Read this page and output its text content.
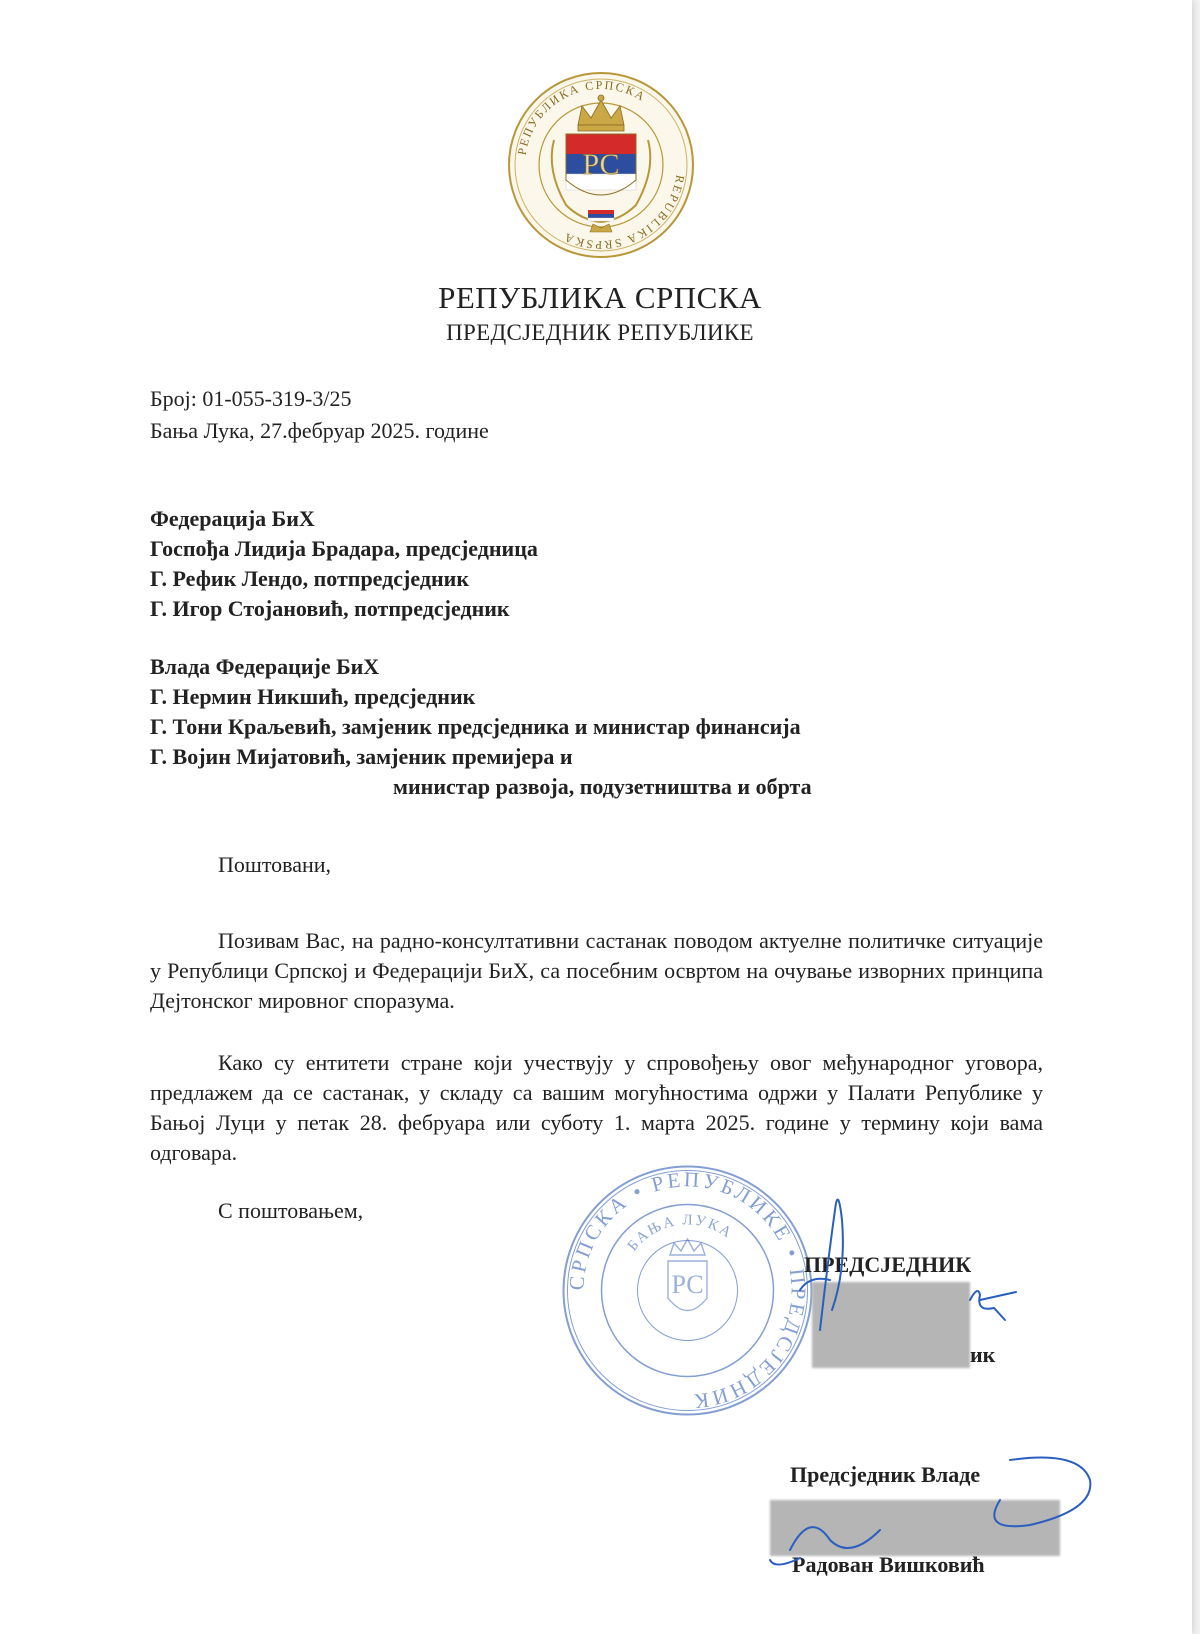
РЕПУБЛИКА СРПСКА
REPUBLIKA SRPSKA
РС
РЕПУБЛИКА СРПСКА
ПРЕДСЈЕДНИК РЕПУБЛИКЕ
Број: 01-055-319-3/25
Бања Лука, 27.фебруар 2025. године
Федерација БиХ
Госпођа Лидија Брадара, предсједница
Г. Рефик Лендо, потпредсједник
Г. Игор Стојановић, потпредсједник
Влада Федерације БиХ
Г. Нермин Никшић, предсједник
Г. Тони Краљевић, замјеник предсједника и министар финансија
Г. Војин Мијатовић, замјеник премијера и
министар развоја, подузетништва и обрта
Поштовани,
Позивам Вас, на радно-консултативни састанак поводом актуелне политичке ситуације у Републици Српској и Федерацији БиХ, са посебним освртом на очување изворних принципа Дејтонског мировног споразума.
Како су ентитети стране који учествују у спровођењу овог међународног уговора, предлажем да се састанак, у складу са вашим могућностима одржи у Палати Републике у Бањој Луци у петак 28. фебруара или суботу 1. марта 2025. године у термину који вама одговара.
С поштовањем,
СРПСКА • РЕПУБЛИКЕ • ПРЕДСЈЕДНИК
БАЊА ЛУКА
РС
ПРЕДСЈЕДНИК
ик
Предсједник Владе
Радован Вишковић
